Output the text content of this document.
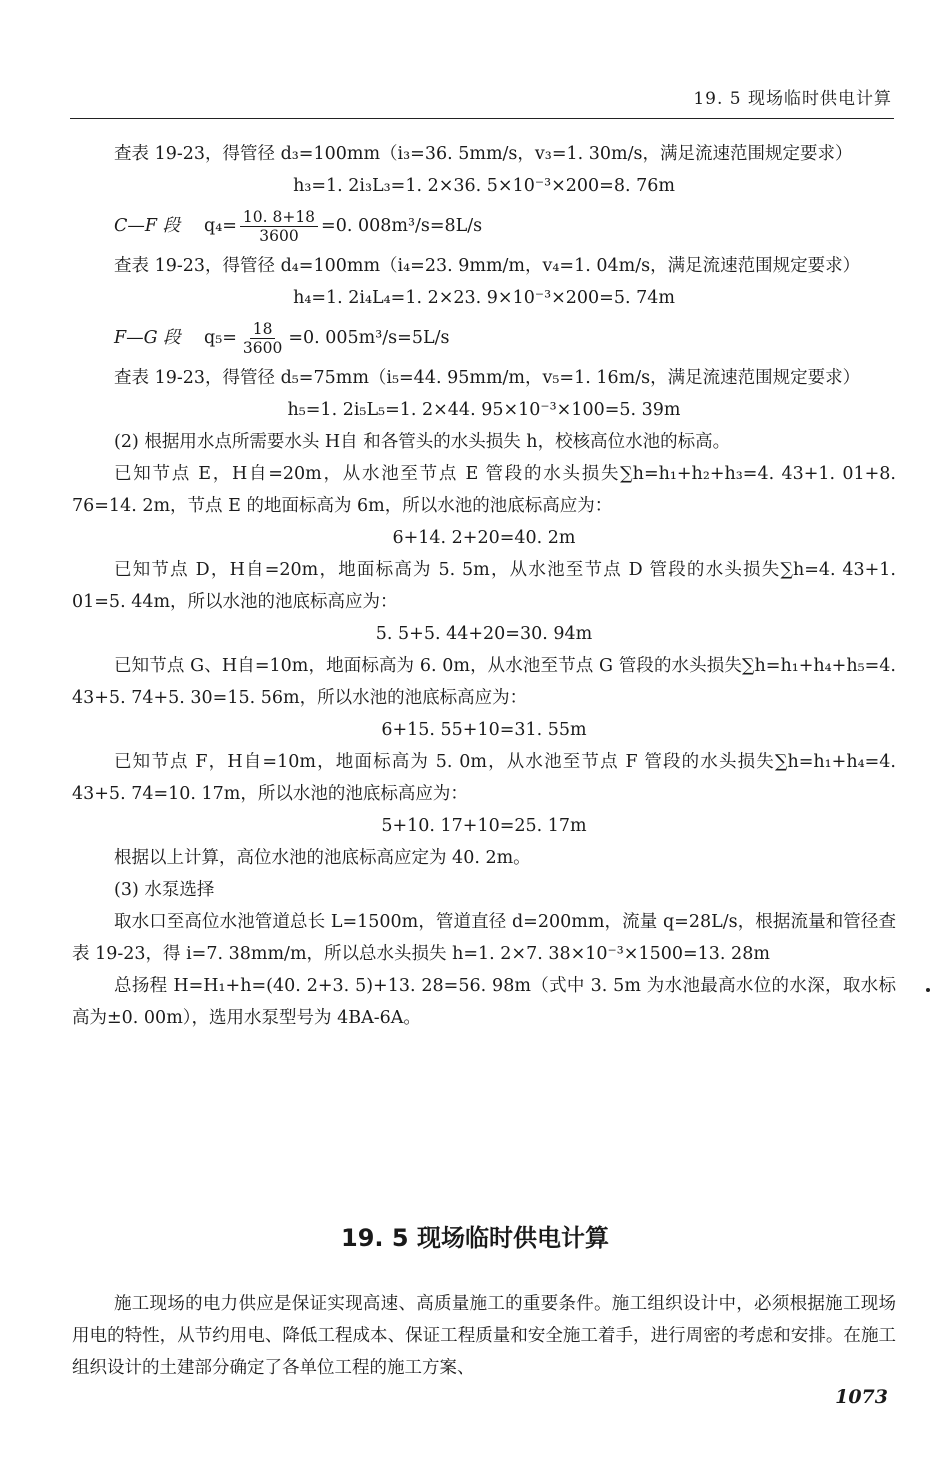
19. 5 现场临时供电计算

查表 19-23，得管径 d₃=100mm（i₃=36. 5mm/s，v₃=1. 30m/s，满足流速范围规定要求）

h₃=1. 2i₃L₃=1. 2×36. 5×10⁻³×200=8. 76m

C—F 段	$q_4= \frac{10. 8+18}{3600} =0$. 008m³/s=8L/s

查表 19-23，得管径 d₄=100mm（i₄=23. 9mm/m，v₄=1. 04m/s，满足流速范围规定要求）

h₄=1. 2i₄L₄=1. 2×23. 9×10⁻³×200=5. 74m

F—G 段	$q_5= \frac{18}{3600} =0$. 005m³/s=5L/s

查表 19-23，得管径 d₅=75mm（i₅=44. 95mm/m，v₅=1. 16m/s，满足流速范围规定要求）

h₅=1. 2i₅L₅=1. 2×44. 95×10⁻³×100=5. 39m

(2) 根据用水点所需要水头 H自 和各管头的水头损失 h，校核高位水池的标高。

已知节点 E，H自=20m，从水池至节点 E 管段的水头损失∑h=h₁+h₂+h₃=4. 43+1. 01+8. 76=14. 2m，节点 E 的地面标高为 6m，所以水池的池底标高应为：

6+14. 2+20=40. 2m

已知节点 D，H自=20m，地面标高为 5. 5m，从水池至节点 D 管段的水头损失∑h=4. 43+1. 01=5. 44m，所以水池的池底标高应为：

5. 5+5. 44+20=30. 94m

已知节点 G、H自=10m，地面标高为 6. 0m，从水池至节点 G 管段的水头损失∑h=h₁+h₄+h₅=4. 43+5. 74+5. 30=15. 56m，所以水池的池底标高应为：

6+15. 55+10=31. 55m

已知节点 F，H自=10m，地面标高为 5. 0m，从水池至节点 F 管段的水头损失∑h=h₁+h₄=4. 43+5. 74=10. 17m，所以水池的池底标高应为：

5+10. 17+10=25. 17m

根据以上计算，高位水池的池底标高应定为 40. 2m。

(3) 水泵选择

取水口至高位水池管道总长 L=1500m，管道直径 d=200mm，流量 q=28L/s，根据流量和管径查表 19-23，得 i=7. 38mm/m，所以总水头损失 h=1. 2×7. 38×10⁻³×1500=13. 28m

总扬程 H=H₁+h=(40. 2+3. 5)+13. 28=56. 98m（式中 3. 5m 为水池最高水位的水深，取水标高为±0. 00m），选用水泵型号为 4BA-6A。

19. 5 现场临时供电计算

施工现场的电力供应是保证实现高速、高质量施工的重要条件。施工组织设计中，必须根据施工现场用电的特性，从节约用电、降低工程成本、保证工程质量和安全施工着手，进行周密的考虑和安排。在施工组织设计的土建部分确定了各单位工程的施工方案、

1073
